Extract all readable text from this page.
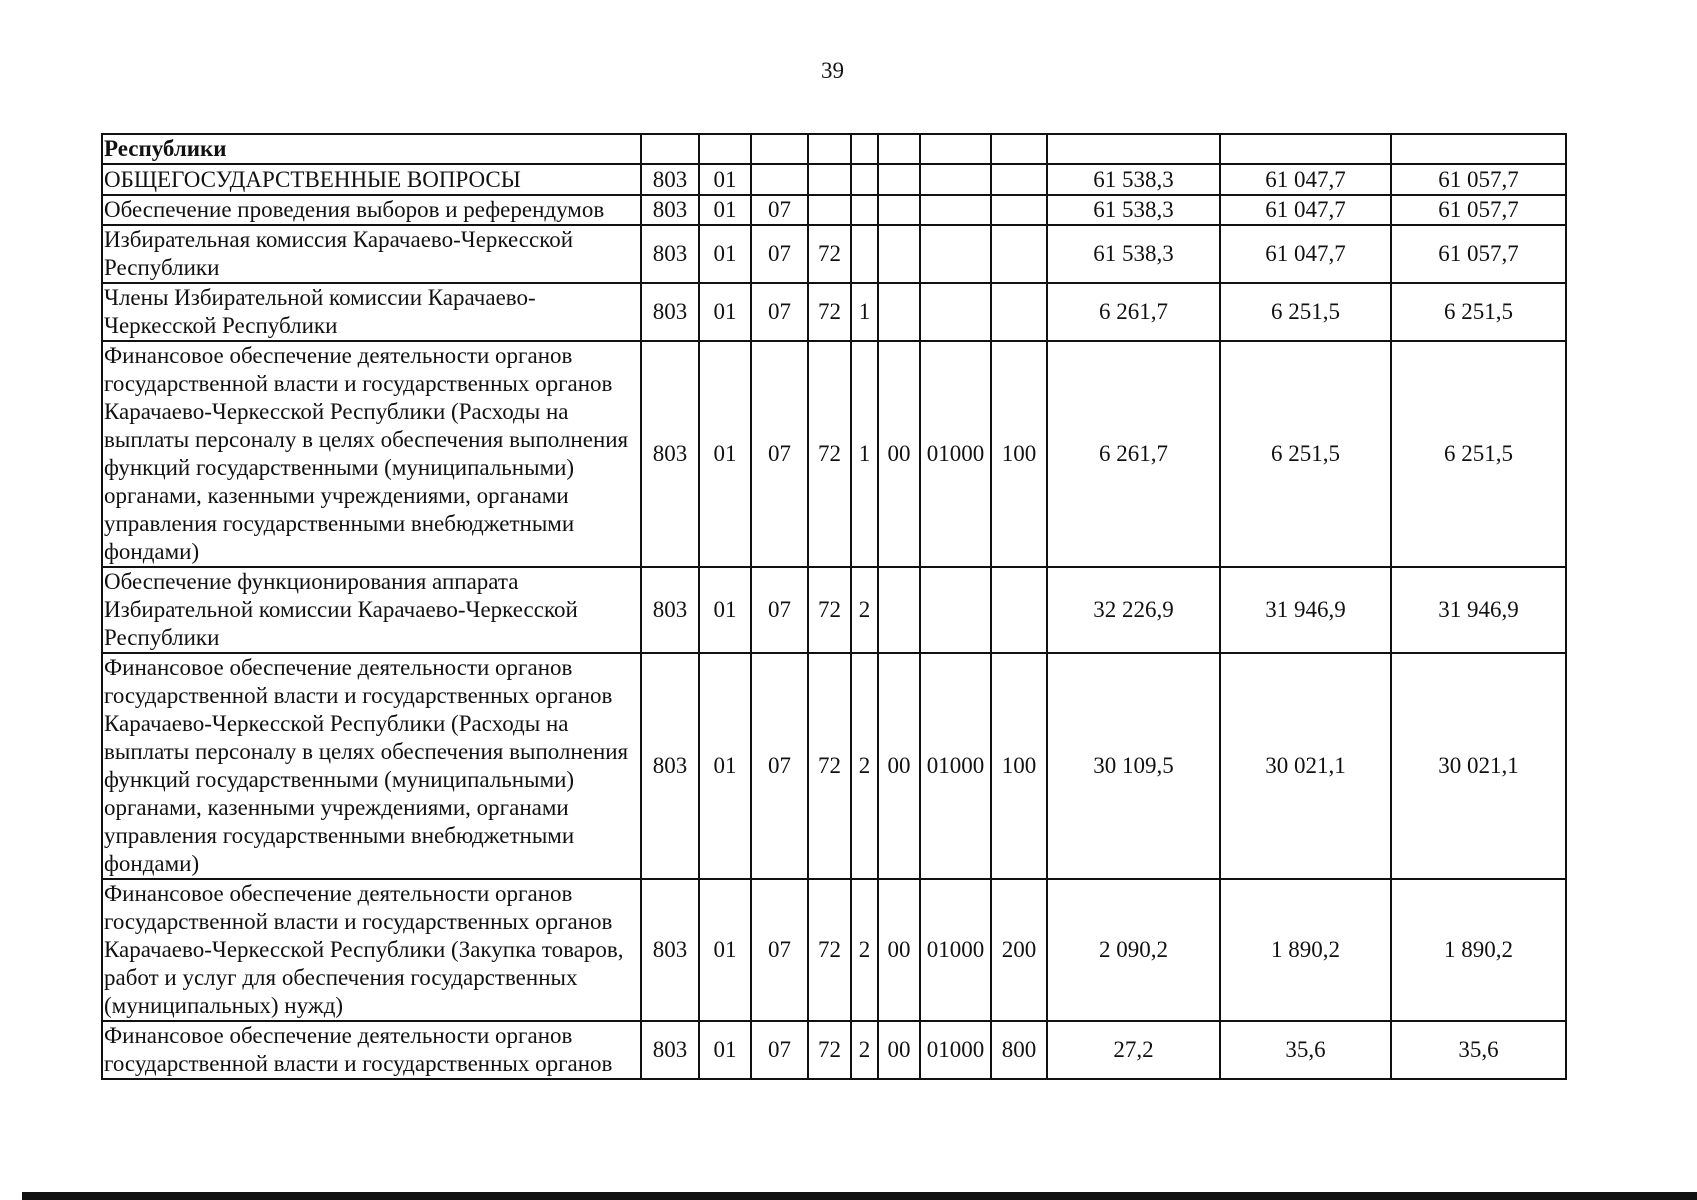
39
Республики											
ОБЩЕГОСУДАРСТВЕННЫЕ ВОПРОСЫ	803	01							61 538,3	61 047,7	61 057,7
Обеспечение проведения выборов и референдумов	803	01	07						61 538,3	61 047,7	61 057,7
Избирательная комиссия Карачаево-Черкесской Республики	803	01	07	72					61 538,3	61 047,7	61 057,7
Члены Избирательной комиссии Карачаево-Черкесской Республики	803	01	07	72	1				6 261,7	6 251,5	6 251,5
Финансовое обеспечение деятельности органов государственной власти и государственных органов Карачаево-Черкесской Республики (Расходы на выплаты персоналу в целях обеспечения выполнения функций государственными (муниципальными) органами, казенными учреждениями, органами управления государственными внебюджетными фондами)	803	01	07	72	1	00	01000	100	6 261,7	6 251,5	6 251,5
Обеспечение функционирования аппарата Избирательной комиссии Карачаево-Черкесской Республики	803	01	07	72	2				32 226,9	31 946,9	31 946,9
Финансовое обеспечение деятельности органов государственной власти и государственных органов Карачаево-Черкесской Республики (Расходы на выплаты персоналу в целях обеспечения выполнения функций государственными (муниципальными) органами, казенными учреждениями, органами управления государственными внебюджетными фондами)	803	01	07	72	2	00	01000	100	30 109,5	30 021,1	30 021,1
Финансовое обеспечение деятельности органов государственной власти и государственных органов Карачаево-Черкесской Республики (Закупка товаров, работ и услуг для обеспечения государственных (муниципальных) нужд)	803	01	07	72	2	00	01000	200	2 090,2	1 890,2	1 890,2
Финансовое обеспечение деятельности органов государственной власти и государственных органов	803	01	07	72	2	00	01000	800	27,2	35,6	35,6
